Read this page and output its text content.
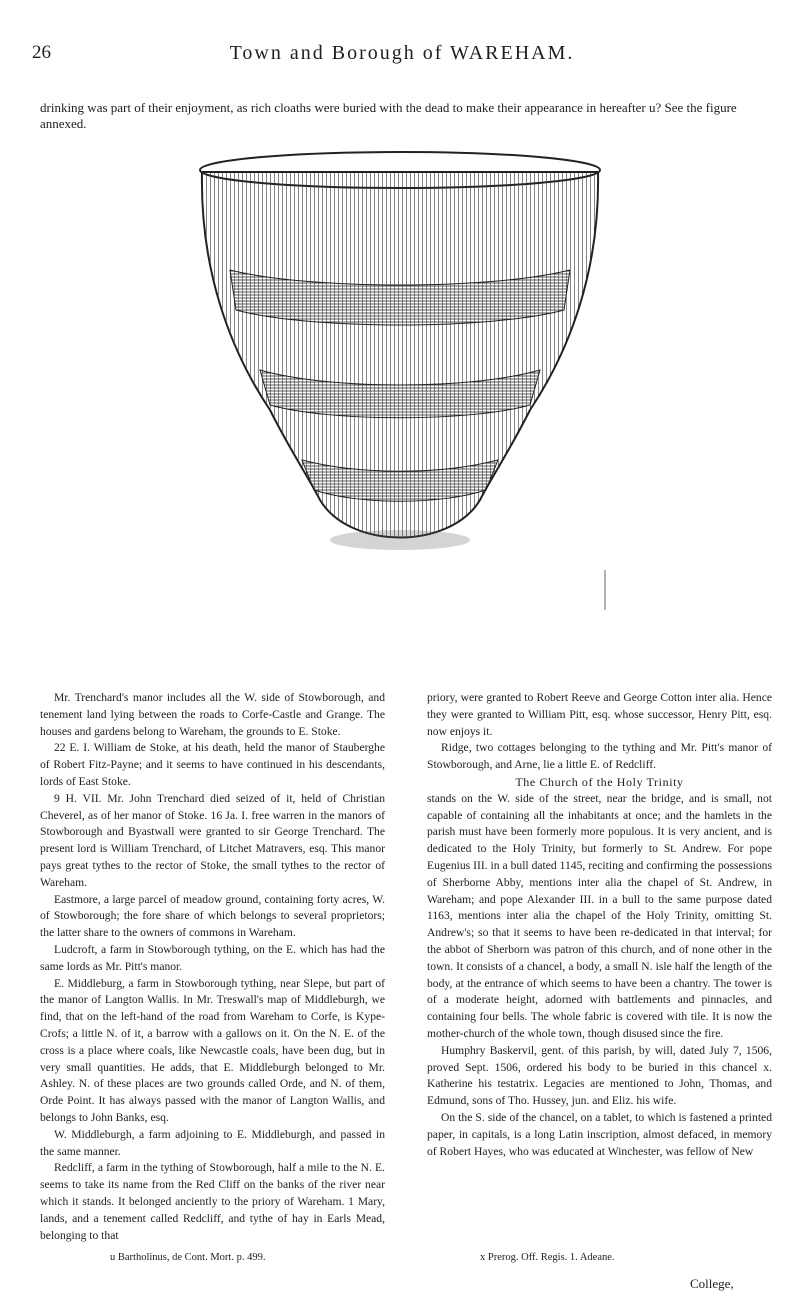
26	Town and Borough of WAREHAM.
drinking was part of their enjoyment, as rich cloaths were buried with the dead to make their appearance in hereafter u? See the figure annexed.

Mr. Trenchard's manor includes all the W. side of Stowborough, and tenement land lying between the roads to Corfe-Castle and Grange. The houses and gardens belong to Wareham, the grounds to E. Stoke.

22 E. I. William de Stoke, at his death, held the manor of Stauberghe of Robert Fitz-Payne; and it seems to have continued in his descendants, lords of East Stoke.

9 H. VII. Mr. John Trenchard died seized of it, held of Christian Cheverel, as of her manor of Stoke. 16 Ja. I. free warren in the manors of Stowborough and Byastwall were granted to sir George Trenchard. The present lord is William Trenchard, of Litchet Matravers, esq. This manor pays great tythes to the rector of Stoke, the small tythes to the rector of Wareham.

Eastmore, a large parcel of meadow ground, containing forty acres, W. of Stowborough; the fore share of which belongs to several proprietors; the latter share to the owners of commons in Wareham.

Ludcroft, a farm in Stowborough tything, on the E. which has had the same lords as Mr. Pitt's manor.

E. Middleburg, a farm in Stowborough tything, near Slepe, but part of the manor of Langton Wallis. In Mr. Treswall's map of Middleburgh, we find, that on the left-hand of the road from Wareham to Corfe, is Kype-Crofs; a little N. of it, a barrow with a gallows on it. On the N. E. of the cross is a place where coals, like Newcastle coals, have been dug, but in very small quantities. He adds, that E. Middleburgh belonged to Mr. Ashley. N. of these places are two grounds called Orde, and N. of them, Orde Point. It has always passed with the manor of Langton Wallis, and belongs to John Banks, esq.

W. Middleburgh, a farm adjoining to E. Middleburgh, and passed in the same manner.

Redcliff, a farm in the tything of Stowborough, half a mile to the N. E. seems to take its name from the Red Cliff on the banks of the river near which it stands. It belonged anciently to the priory of Wareham. 1 Mary, lands, and a tenement called Redcliff, and tythe of hay in Earls Mead, belonging to that

priory, were granted to Robert Reeve and George Cotton inter alia. Hence they were granted to William Pitt, esq. whose successor, Henry Pitt, esq. now enjoys it.

Ridge, two cottages belonging to the tything and Mr. Pitt's manor of Stowborough, and Arne, lie a little E. of Redcliff.

The Church of the Holy Trinity

stands on the W. side of the street, near the bridge, and is small, not capable of containing all the inhabitants at once; and the hamlets in the parish must have been formerly more populous. It is very ancient, and is dedicated to the Holy Trinity, but formerly to St. Andrew. For pope Eugenius III. in a bull dated 1145, reciting and confirming the possessions of Sherborne Abby, mentions inter alia the chapel of St. Andrew, in Wareham; and pope Alexander III. in a bull to the same purpose dated 1163, mentions inter alia the chapel of the Holy Trinity, omitting St. Andrew's; so that it seems to have been re-dedicated in that interval; for the abbot of Sherborn was patron of this church, and of none other in the town. It consists of a chancel, a body, a small N. isle half the length of the body, at the entrance of which seems to have been a chantry. The tower is of a moderate height, adorned with battlements and pinnacles, and containing four bells. The whole fabric is covered with tile. It is now the mother-church of the whole town, though disused since the fire.

Humphry Baskervil, gent. of this parish, by will, dated July 7, 1506, proved Sept. 1506, ordered his body to be buried in this chancel x. Katherine his testatrix. Legacies are mentioned to John, Thomas, and Edmund, sons of Tho. Hussey, jun. and Eliz. his wife.

On the S. side of the chancel, on a tablet, to which is fastened a printed paper, in capitals, is a long Latin inscription, almost defaced, in memory of Robert Hayes, who was educated at Winchester, was fellow of New

u Bartholinus, de Cont. Mort. p. 499.	x Prerog. Off. Regis. 1. Adeane.
College,
